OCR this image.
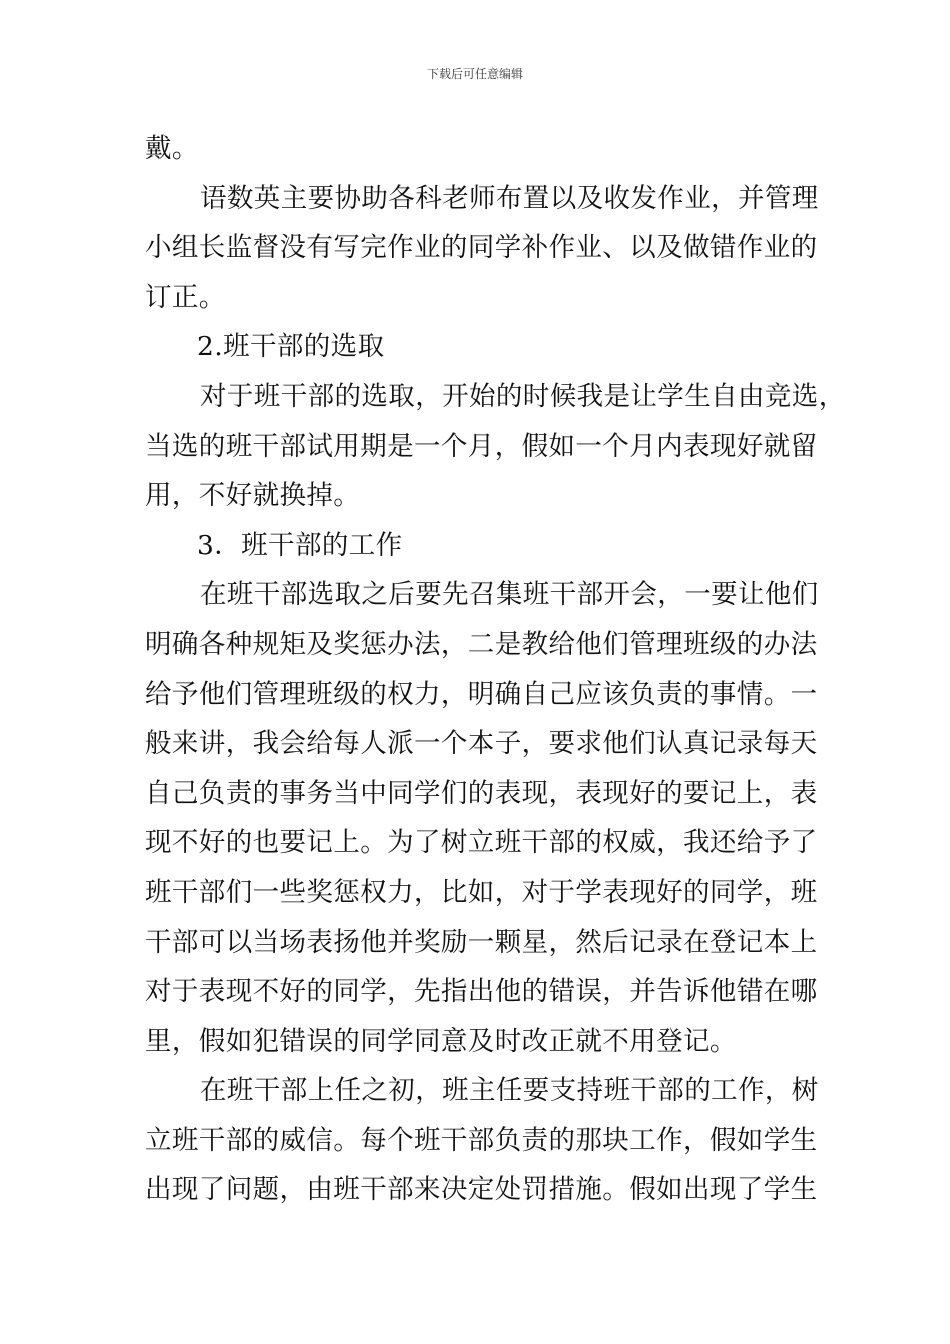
下载后可任意编辑
戴。
语数英主要协助各科老师布置以及收发作业，并管理
小组长监督没有写完作业的同学补作业、以及做错作业的
订正。
2.班干部的选取
对于班干部的选取，开始的时候我是让学生自由竞选，
当选的班干部试用期是一个月，假如一个月内表现好就留
用，不好就换掉。
3．班干部的工作
在班干部选取之后要先召集班干部开会，一要让他们
明确各种规矩及奖惩办法，二是教给他们管理班级的办法
给予他们管理班级的权力，明确自己应该负责的事情。一
般来讲，我会给每人派一个本子，要求他们认真记录每天
自己负责的事务当中同学们的表现，表现好的要记上，表
现不好的也要记上。为了树立班干部的权威，我还给予了
班干部们一些奖惩权力，比如，对于学表现好的同学，班
干部可以当场表扬他并奖励一颗星，然后记录在登记本上
对于表现不好的同学，先指出他的错误，并告诉他错在哪
里，假如犯错误的同学同意及时改正就不用登记。
在班干部上任之初，班主任要支持班干部的工作，树
立班干部的威信。每个班干部负责的那块工作，假如学生
出现了问题，由班干部来决定处罚措施。假如出现了学生
